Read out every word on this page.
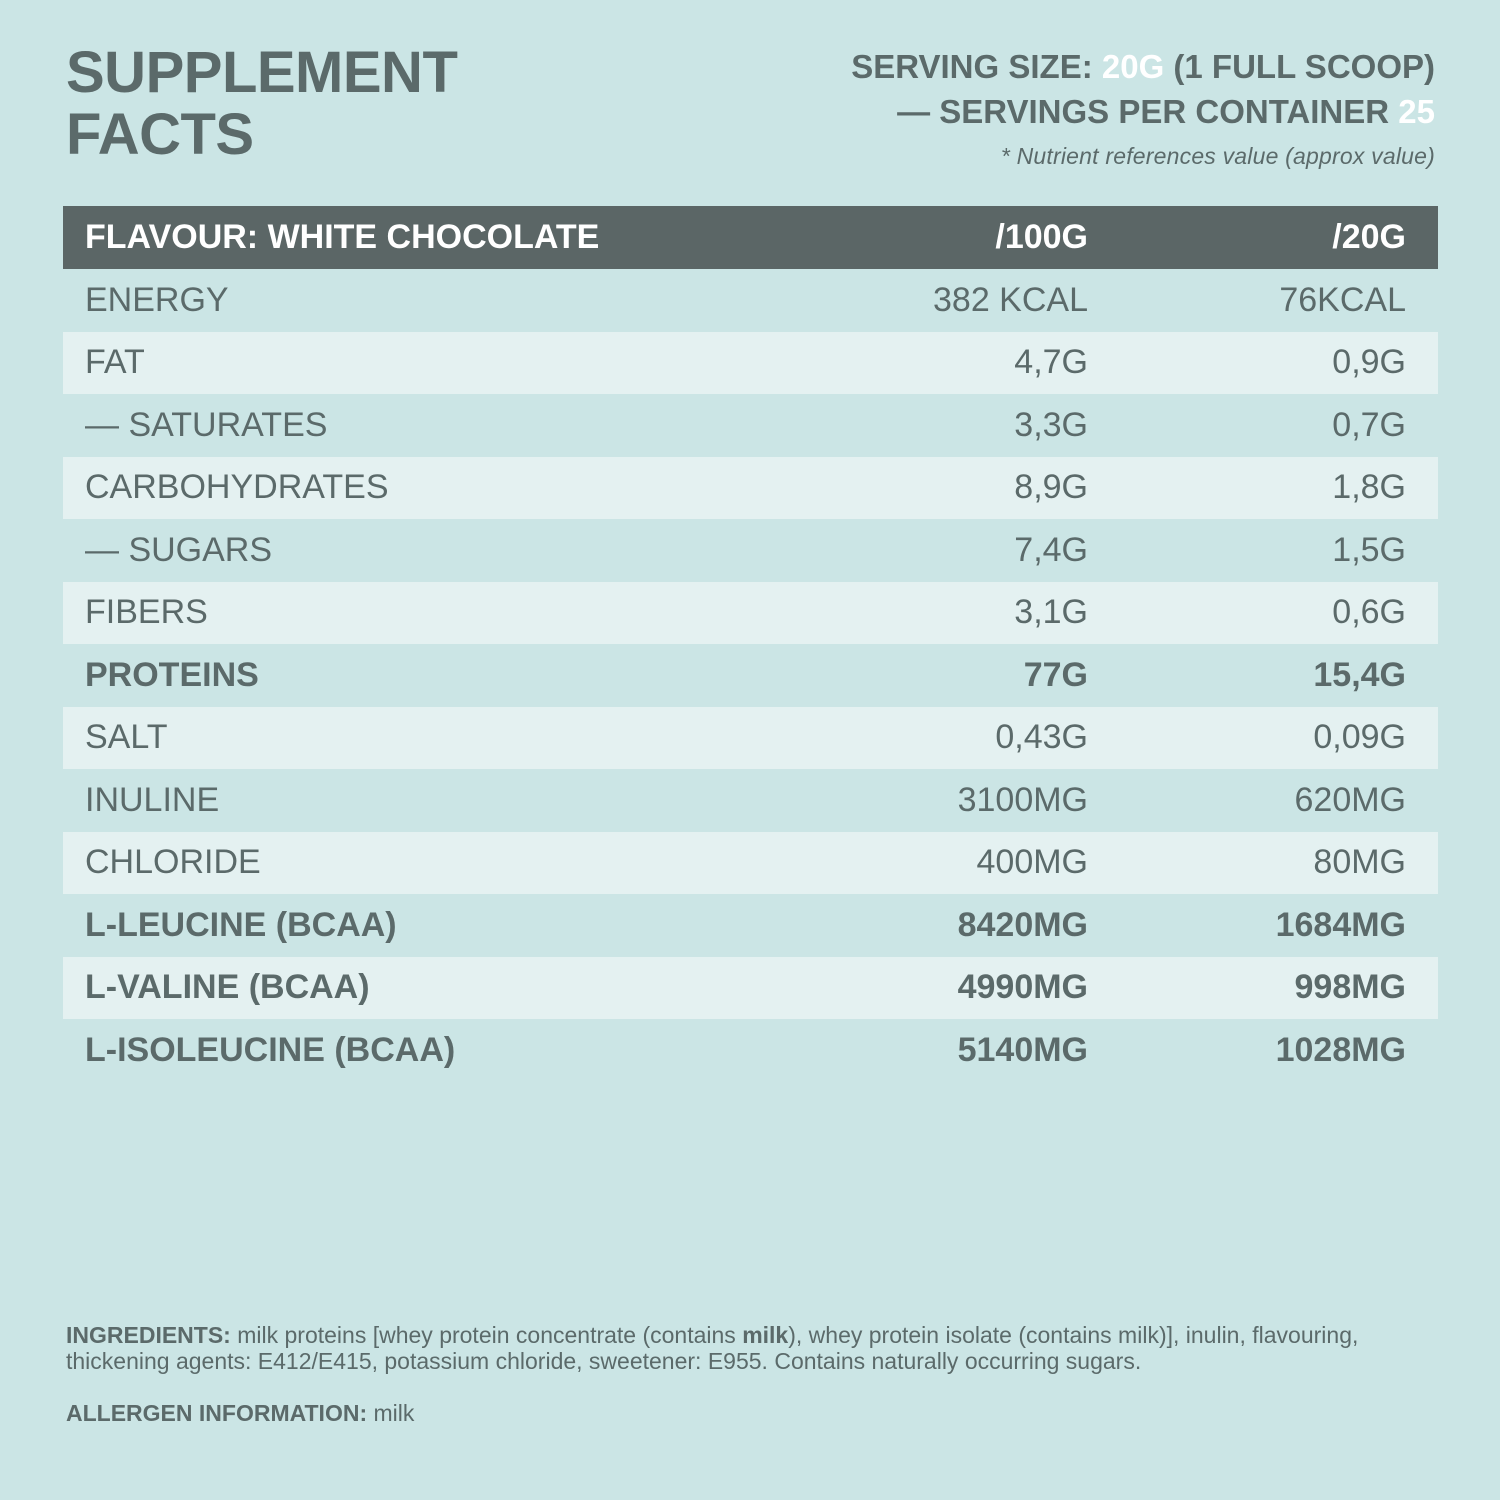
SUPPLEMENT
FACTS
SERVING SIZE: 20G (1 FULL SCOOP)
— SERVINGS PER CONTAINER 25
* Nutrient references value (approx value)
FLAVOUR: WHITE CHOCOLATE	/100G	/20G
ENERGY	382 KCAL	76KCAL
FAT	4,7G	0,9G
— SATURATES	3,3G	0,7G
CARBOHYDRATES	8,9G	1,8G
— SUGARS	7,4G	1,5G
FIBERS	3,1G	0,6G
PROTEINS	77G	15,4G
SALT	0,43G	0,09G
INULINE	3100MG	620MG
CHLORIDE	400MG	80MG
L-LEUCINE (BCAA)	8420MG	1684MG
L-VALINE (BCAA)	4990MG	998MG
L-ISOLEUCINE (BCAA)	5140MG	1028MG
INGREDIENTS: milk proteins [whey protein concentrate (contains milk), whey protein isolate (contains milk)], inulin, flavouring, thickening agents: E412/E415, potassium chloride, sweetener: E955. Contains naturally occurring sugars.
ALLERGEN INFORMATION: milk
